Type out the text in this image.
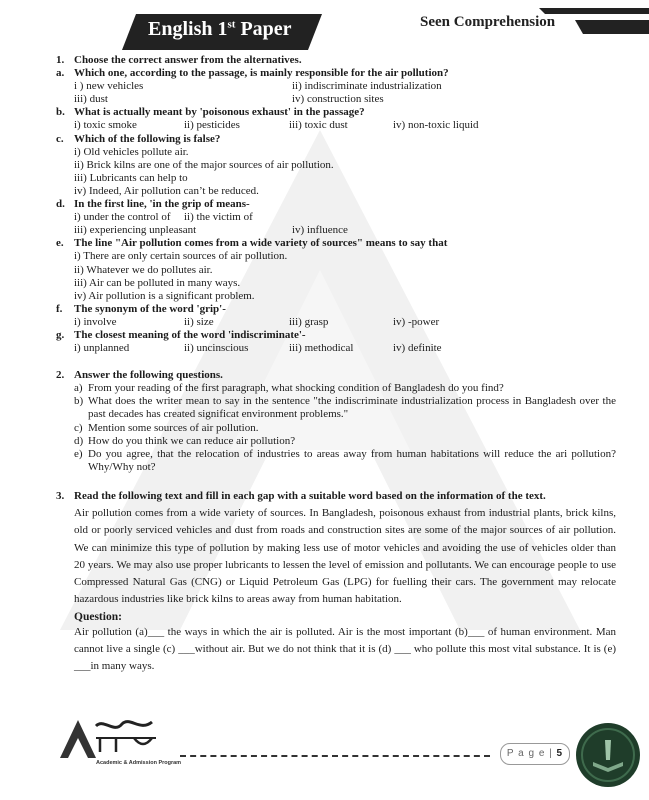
English 1st Paper	Seen Comprehension
1. Choose the correct answer from the alternatives.
a. Which one, according to the passage, is mainly responsible for the air pollution?
i ) new vehicles	ii) indiscriminate industrialization
iii) dust	iv) construction sites
b. What is actually meant by 'poisonous exhaust' in the passage?
i) toxic smoke	ii) pesticides	iii) toxic dust	iv) non-toxic liquid
c. Which of the following is false?
i) Old vehicles pollute air.
ii) Brick kilns are one of the major sources of air pollution.
iii) Lubricants can help to
iv) Indeed, Air pollution can’t be reduced.
d. In the first line, 'in the grip of means-
i) under the control of	ii) the victim of
iii) experiencing unpleasant	iv) influence
e. The line "Air pollution comes from a wide variety of sources" means to say that
i) There are only certain sources of air pollution.
ii) Whatever we do pollutes air.
iii) Air can be polluted in many ways.
iv) Air pollution is a significant problem.
f.	The synonym of the word 'grip'-
i) involve	ii) size	iii) grasp	iv) -power
g. The closest meaning of the word 'indiscriminate'-
i) unplanned	ii) uncinscious	iii) methodical	iv) definite
2. Answer the following questions.
a) From your reading of the first paragraph, what shocking condition of Bangladesh do you find?
b) What does the writer mean to say in the sentence "the indiscriminate industrialization process in Bangladesh over the past decades has created significat environment problems."
c) Mention some sources of air pollution.
d) How do you think we can reduce air pollution?
e) Do you agree, that the relocation of industries to areas away from human habitations will reduce the ari pollution? Why/Why not?
3. Read the following text and fill in each gap with a suitable word based on the information of the text.
Air pollution comes from a wide variety of sources. In Bangladesh, poisonous exhaust from industrial plants, brick kilns, old or poorly serviced vehicles and dust from roads and construction sites are some of the major sources of air pollution. We can minimize this type of pollution by making less use of motor vehicles and avoiding the use of vehicles older than 20 years. We may also use proper lubricants to lessen the level of emission and pollutants. We can encourage people to use Compressed Natural Gas (CNG) or Liquid Petroleum Gas (LPG) for fuelling their cars. The government may relocate hazardous industries like brick kilns to areas away from human habitation.
Question:
Air pollution (a)___ the ways in which the air is polluted. Air is the most important (b)___ of human environment. Man cannot live a single (c) ___without air. But we do not think that it is (d) ___ who pollute this most vital substance. It is (e) ___in many ways.
Academic & Admission Program
P a g e | 5
